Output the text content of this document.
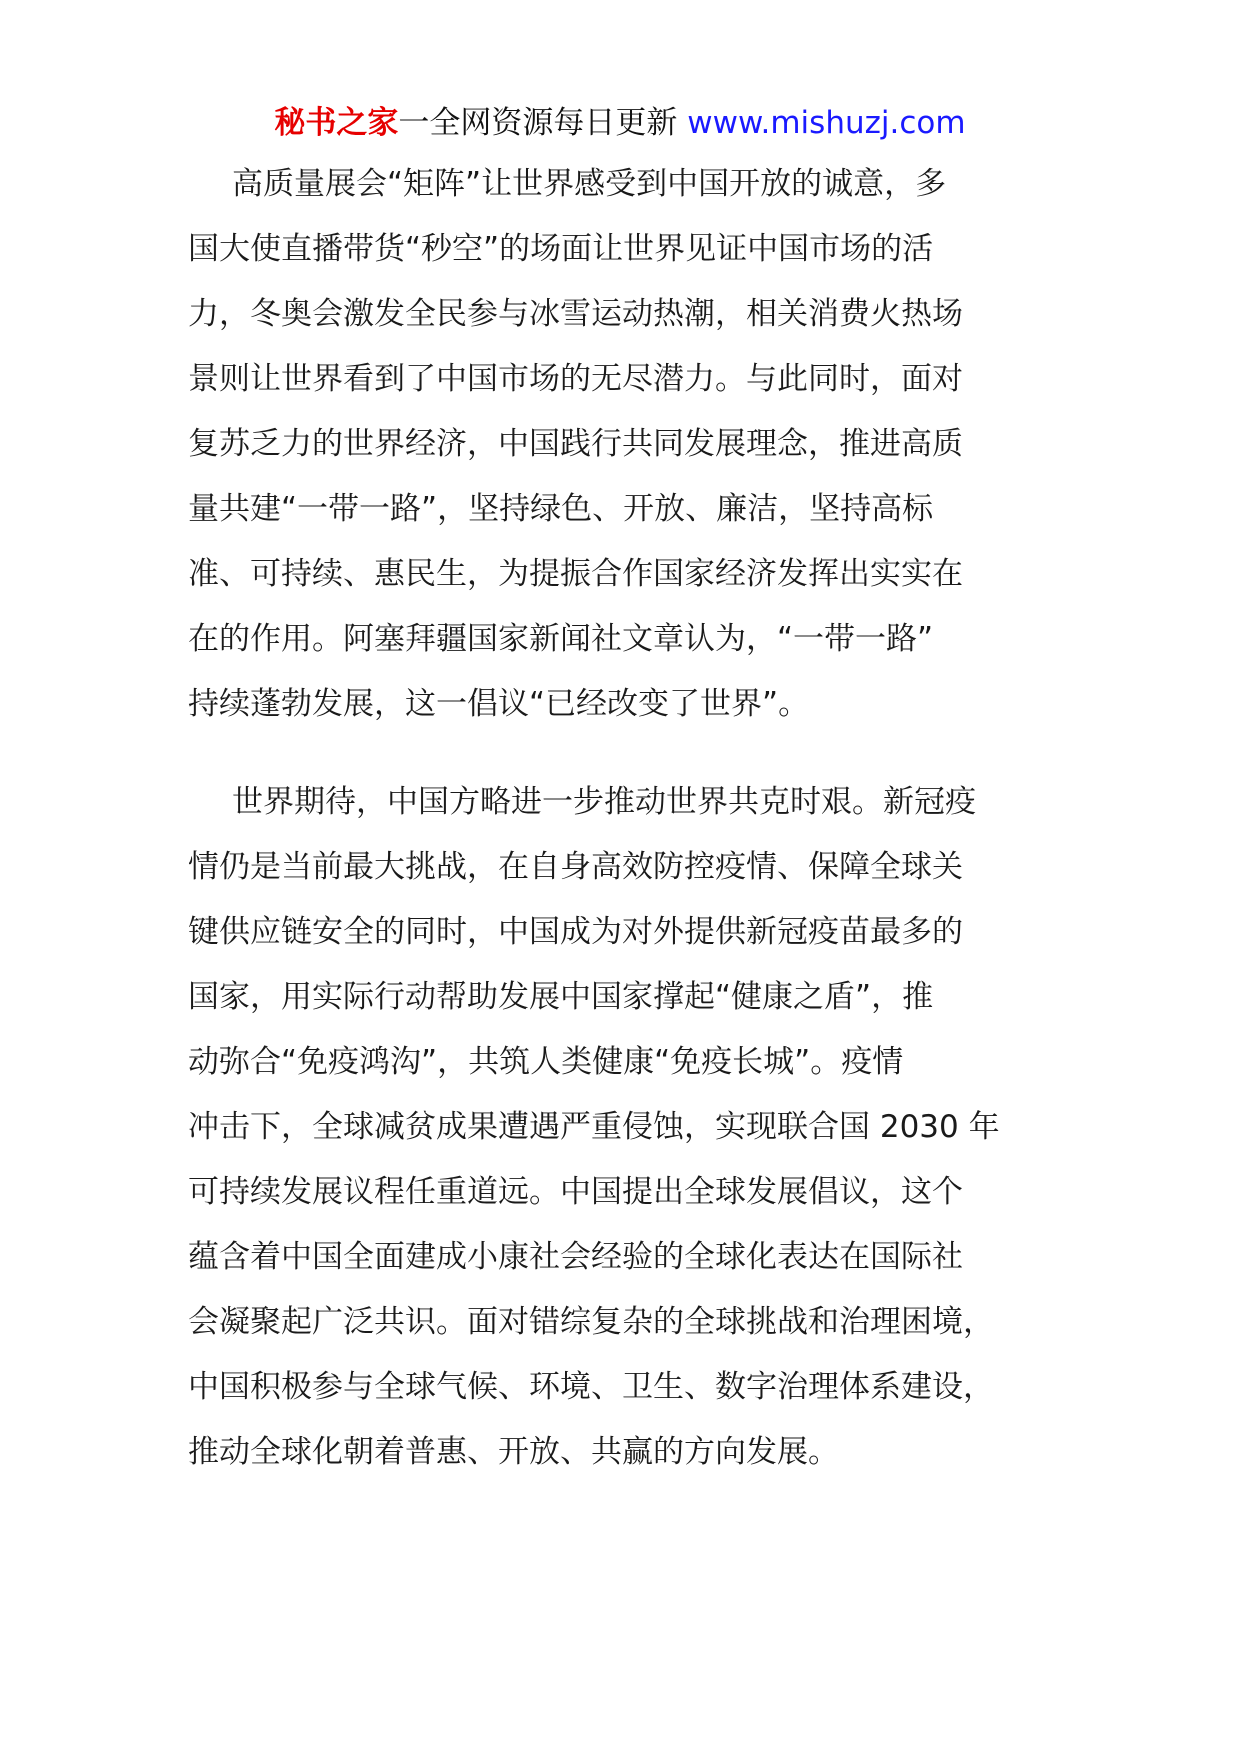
秘书之家一全网资源每日更新 www.mishuzj.com
高质量展会“矩阵”让世界感受到中国开放的诚意，多
国大使直播带货“秒空”的场面让世界见证中国市场的活
力，冬奥会激发全民参与冰雪运动热潮，相关消费火热场
景则让世界看到了中国市场的无尽潜力。与此同时，面对
复苏乏力的世界经济，中国践行共同发展理念，推进高质
量共建“一带一路”，坚持绿色、开放、廉洁，坚持高标
准、可持续、惠民生，为提振合作国家经济发挥出实实在
在的作用。阿塞拜疆国家新闻社文章认为，“一带一路”
持续蓬勃发展，这一倡议“已经改变了世界”。
世界期待，中国方略进一步推动世界共克时艰。新冠疫
情仍是当前最大挑战，在自身高效防控疫情、保障全球关
键供应链安全的同时，中国成为对外提供新冠疫苗最多的
国家，用实际行动帮助发展中国家撑起“健康之盾”，推
动弥合“免疫鸿沟”，共筑人类健康“免疫长城”。疫情
冲击下，全球减贫成果遭遇严重侵蚀，实现联合国 2030 年
可持续发展议程任重道远。中国提出全球发展倡议，这个
蕴含着中国全面建成小康社会经验的全球化表达在国际社
会凝聚起广泛共识。面对错综复杂的全球挑战和治理困境，
中国积极参与全球气候、环境、卫生、数字治理体系建设，
推动全球化朝着普惠、开放、共赢的方向发展。
